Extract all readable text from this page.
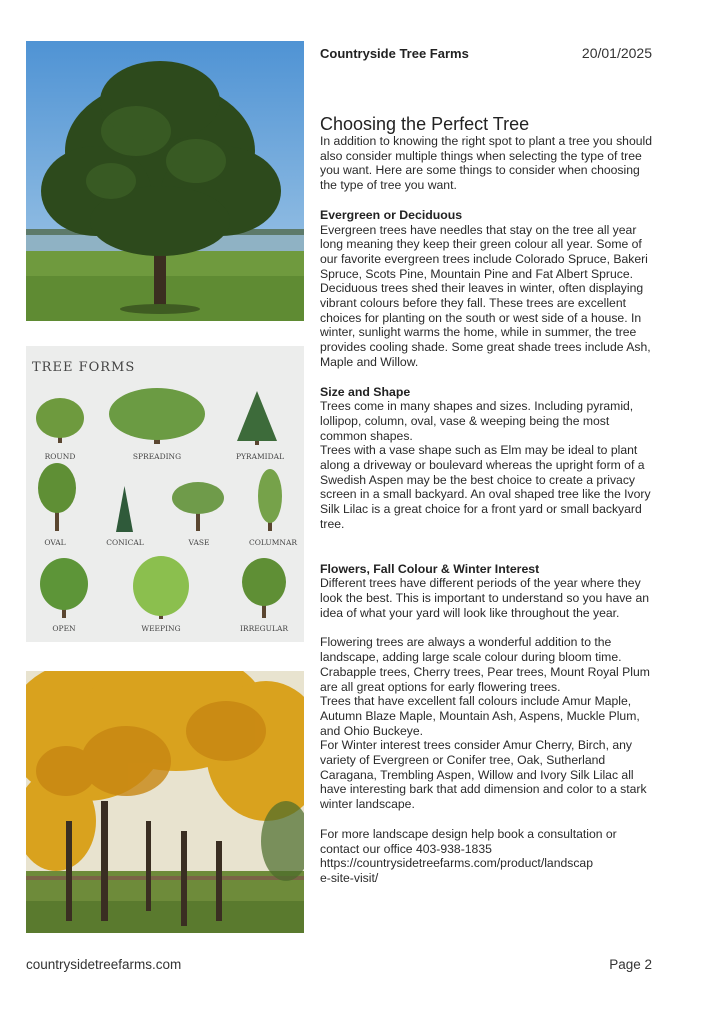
TREE FORMS
ROUND	SPREADING	PYRAMIDAL
OVAL	CONICAL	VASE	COLUMNAR
OPEN	WEEPING	IRREGULAR
Countryside Tree Farms	20/01/2025
Choosing the Perfect Tree

In addition to knowing the right spot to plant a tree you should also consider multiple things when selecting the type of tree you want. Here are some things to consider when choosing the type of tree you want.

Evergreen or Deciduous

Evergreen trees have needles that stay on the tree all year long meaning they keep their green colour all year. Some of our favorite evergreen trees include Colorado Spruce, Bakeri Spruce, Scots Pine, Mountain Pine and Fat Albert Spruce.

Deciduous trees shed their leaves in winter, often displaying vibrant colours before they fall. These trees are excellent choices for planting on the south or west side of a house. In winter, sunlight warms the home, while in summer, the tree provides cooling shade. Some great shade trees include Ash, Maple and Willow.

Size and Shape

Trees come in many shapes and sizes. Including pyramid, lollipop, column, oval, vase & weeping being the most common shapes.

Trees with a vase shape such as Elm may be ideal to plant along a driveway or boulevard whereas the upright form of a Swedish Aspen may be the best choice to create a privacy screen in a small backyard. An oval shaped tree like the Ivory Silk Lilac is a great choice for a front yard or small backyard tree.

Flowers, Fall Colour & Winter Interest

Different trees have different periods of the year where they look the best. This is important to understand so you have an idea of what your yard will look like throughout the year.

Flowering trees are always a wonderful addition to the landscape, adding large scale colour during bloom time. Crabapple trees, Cherry trees, Pear trees, Mount Royal Plum are all great options for early flowering trees.

Trees that have excellent fall colours include Amur Maple, Autumn Blaze Maple, Mountain Ash, Aspens, Muckle Plum, and Ohio Buckeye.

For Winter interest trees consider Amur Cherry, Birch, any variety of Evergreen or Conifer tree, Oak, Sutherland Caragana, Trembling Aspen, Willow and Ivory Silk Lilac all have interesting bark that add dimension and color to a stark winter landscape.

For more landscape design help book a consultation or contact our office 403-938-1835

https://countrysidetreefarms.com/product/landscap
e-site-visit/

countrysidetreefarms.com	Page 2
